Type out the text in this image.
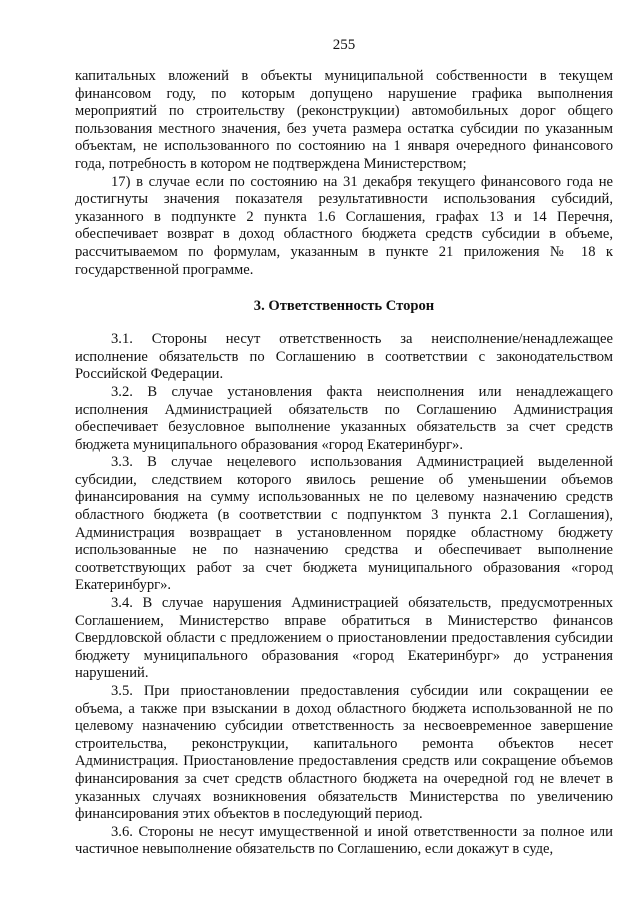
255

капитальных вложений в объекты муниципальной собственности в текущем финансовом году, по которым допущено нарушение графика выполнения мероприятий по строительству (реконструкции) автомобильных дорог общего пользования местного значения, без учета размера остатка субсидии по указанным объектам, не использованного по состоянию на 1 января очередного финансового года, потребность в котором не подтверждена Министерством;

17) в случае если по состоянию на 31 декабря текущего финансового года не достигнуты значения показателя результативности использования субсидий, указанного в подпункте 2 пункта 1.6 Соглашения, графах 13 и 14 Перечня, обеспечивает возврат в доход областного бюджета средств субсидии в объеме, рассчитываемом по формулам, указанным в пункте 21 приложения № 18 к государственной программе.

3. Ответственность Сторон

3.1. Стороны несут ответственность за неисполнение/ненадлежащее исполнение обязательств по Соглашению в соответствии с законодательством Российской Федерации.

3.2. В случае установления факта неисполнения или ненадлежащего исполнения Администрацией обязательств по Соглашению Администрация обеспечивает безусловное выполнение указанных обязательств за счет средств бюджета муниципального образования «город Екатеринбург».

3.3. В случае нецелевого использования Администрацией выделенной субсидии, следствием которого явилось решение об уменьшении объемов финансирования на сумму использованных не по целевому назначению средств областного бюджета (в соответствии с подпунктом 3 пункта 2.1 Соглашения), Администрация возвращает в установленном порядке областному бюджету использованные не по назначению средства и обеспечивает выполнение соответствующих работ за счет бюджета муниципального образования «город Екатеринбург».

3.4. В случае нарушения Администрацией обязательств, предусмотренных Соглашением, Министерство вправе обратиться в Министерство финансов Свердловской области с предложением о приостановлении предоставления субсидии бюджету муниципального образования «город Екатеринбург» до устранения нарушений.

3.5. При приостановлении предоставления субсидии или сокращении ее объема, а также при взыскании в доход областного бюджета использованной не по целевому назначению субсидии ответственность за несвоевременное завершение строительства, реконструкции, капитального ремонта объектов несет Администрация. Приостановление предоставления средств или сокращение объемов финансирования за счет средств областного бюджета на очередной год не влечет в указанных случаях возникновения обязательств Министерства по увеличению финансирования этих объектов в последующий период.

3.6. Стороны не несут имущественной и иной ответственности за полное или частичное невыполнение обязательств по Соглашению, если докажут в суде,
